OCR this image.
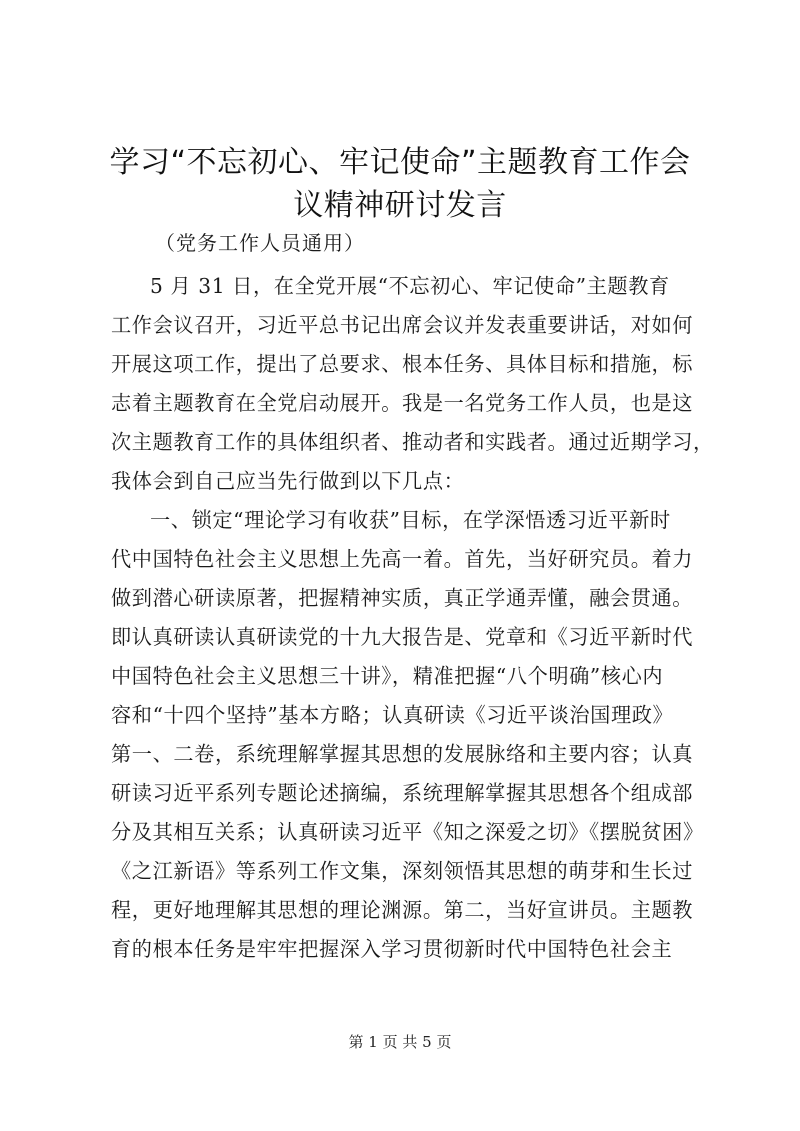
学习“不忘初心、牢记使命”主题教育工作会
议精神研讨发言
（党务工作人员通用）
5 月 31 日，在全党开展“不忘初心、牢记使命”主题教育
工作会议召开，习近平总书记出席会议并发表重要讲话，对如何
开展这项工作，提出了总要求、根本任务、具体目标和措施，标
志着主题教育在全党启动展开。我是一名党务工作人员，也是这
次主题教育工作的具体组织者、推动者和实践者。通过近期学习，
我体会到自己应当先行做到以下几点：
一、锁定“理论学习有收获”目标，在学深悟透习近平新时
代中国特色社会主义思想上先高一着。首先，当好研究员。着力
做到潜心研读原著，把握精神实质，真正学通弄懂，融会贯通。
即认真研读认真研读党的十九大报告是、党章和《习近平新时代
中国特色社会主义思想三十讲》，精准把握“八个明确”核心内
容和“十四个坚持”基本方略；认真研读《习近平谈治国理政》
第一、二卷，系统理解掌握其思想的发展脉络和主要内容；认真
研读习近平系列专题论述摘编，系统理解掌握其思想各个组成部
分及其相互关系；认真研读习近平《知之深爱之切》《摆脱贫困》
《之江新语》等系列工作文集，深刻领悟其思想的萌芽和生长过
程，更好地理解其思想的理论渊源。第二，当好宣讲员。主题教
育的根本任务是牢牢把握深入学习贯彻新时代中国特色社会主
第 1 页 共 5 页
